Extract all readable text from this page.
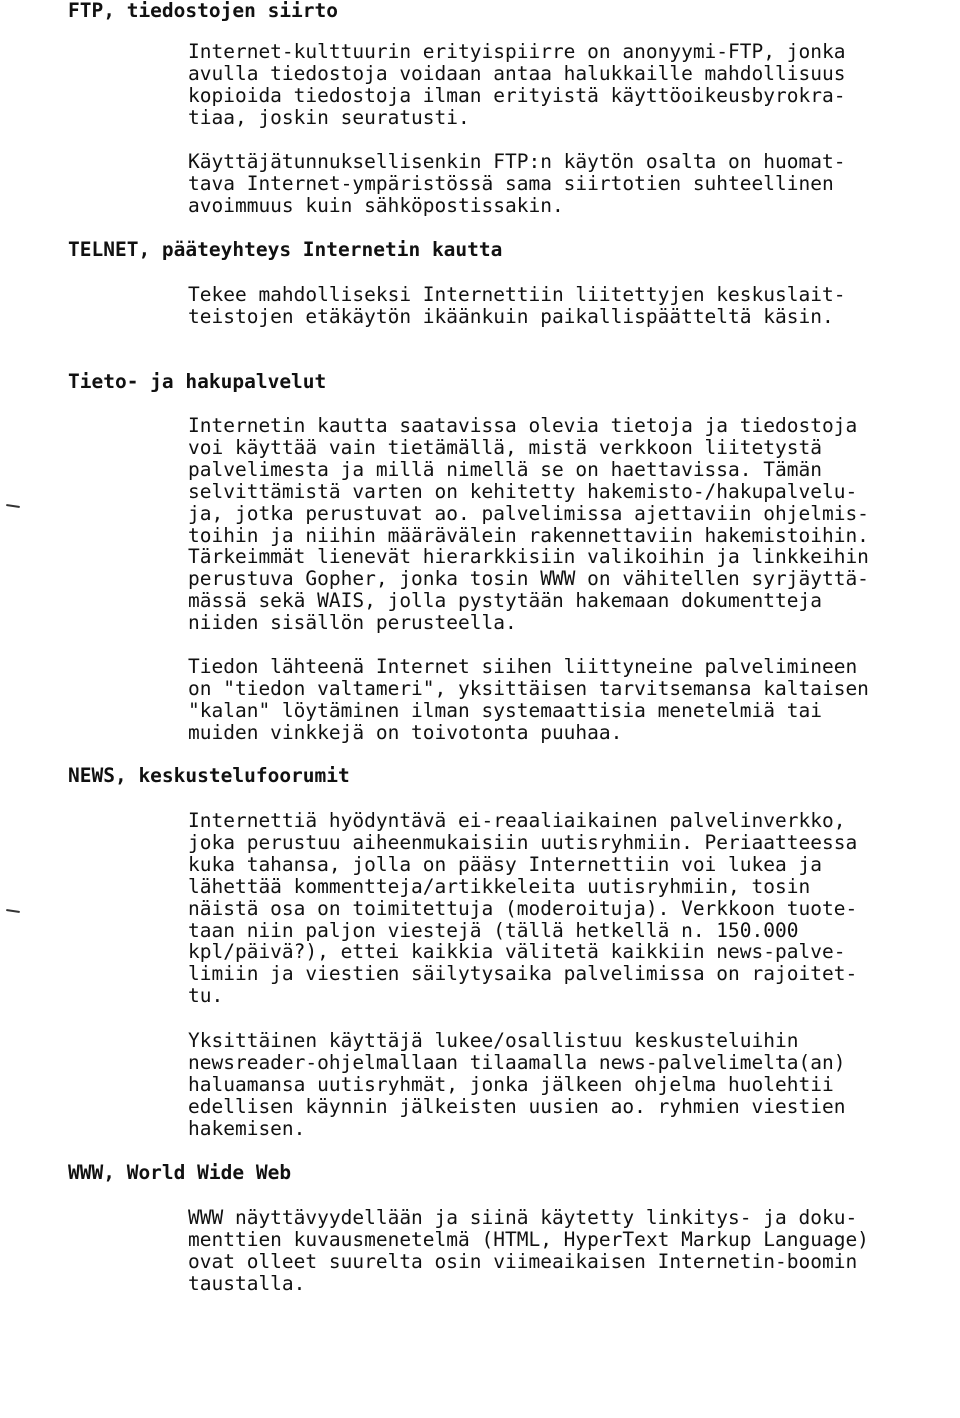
FTP, tiedostojen siirto
Internet-kulttuurin erityispiirre on anonyymi-FTP, jonka
avulla tiedostoja voidaan antaa halukkaille mahdollisuus
kopioida tiedostoja ilman erityistä käyttöoikeusbyrokra-
tiaa, joskin seuratusti.
Käyttäjätunnuksellisenkin FTP:n käytön osalta on huomat-
tava Internet-ympäristössä sama siirtotien suhteellinen
avoimmuus kuin sähköpostissakin.
TELNET, pääteyhteys Internetin kautta
Tekee mahdolliseksi Internettiin liitettyjen keskuslait-
teistojen etäkäytön ikäänkuin paikallispäätteltä käsin.
Tieto- ja hakupalvelut
Internetin kautta saatavissa olevia tietoja ja tiedostoja
voi käyttää vain tietämällä, mistä verkkoon liitetystä
palvelimesta ja millä nimellä se on haettavissa. Tämän
selvittämistä varten on kehitetty hakemisto-/hakupalvelu-
ja, jotka perustuvat ao. palvelimissa ajettaviin ohjelmis-
toihin ja niihin määrävälein rakennettaviin hakemistoihin.
Tärkeimmät lienevät hierarkkisiin valikoihin ja linkkeihin
perustuva Gopher, jonka tosin WWW on vähitellen syrjäyttä-
mässä sekä WAIS, jolla pystytään hakemaan dokumentteja
niiden sisällön perusteella.
Tiedon lähteenä Internet siihen liittyneine palvelimineen
on "tiedon valtameri", yksittäisen tarvitsemansa kaltaisen
"kalan" löytäminen ilman systemaattisia menetelmiä tai
muiden vinkkejä on toivotonta puuhaa.
NEWS, keskustelufoorumit
Internettiä hyödyntävä ei-reaaliaikainen palvelinverkko,
joka perustuu aiheenmukaisiin uutisryhmiin. Periaatteessa
kuka tahansa, jolla on pääsy Internettiin voi lukea ja
lähettää kommentteja/artikkeleita uutisryhmiin, tosin
näistä osa on toimitettuja (moderoituja). Verkkoon tuote-
taan niin paljon viestejä (tällä hetkellä n. 150.000
kpl/päivä?), ettei kaikkia välitetä kaikkiin news-palve-
limiin ja viestien säilytysaika palvelimissa on rajoitet-
tu.
Yksittäinen käyttäjä lukee/osallistuu keskusteluihin
newsreader-ohjelmallaan tilaamalla news-palvelimelta(an)
haluamansa uutisryhmät, jonka jälkeen ohjelma huolehtii
edellisen käynnin jälkeisten uusien ao. ryhmien viestien
hakemisen.
WWW, World Wide Web
WWW näyttävyydellään ja siinä käytetty linkitys- ja doku-
menttien kuvausmenetelmä (HTML, HyperText Markup Language)
ovat olleet suurelta osin viimeaikaisen Internetin-boomin
taustalla.
